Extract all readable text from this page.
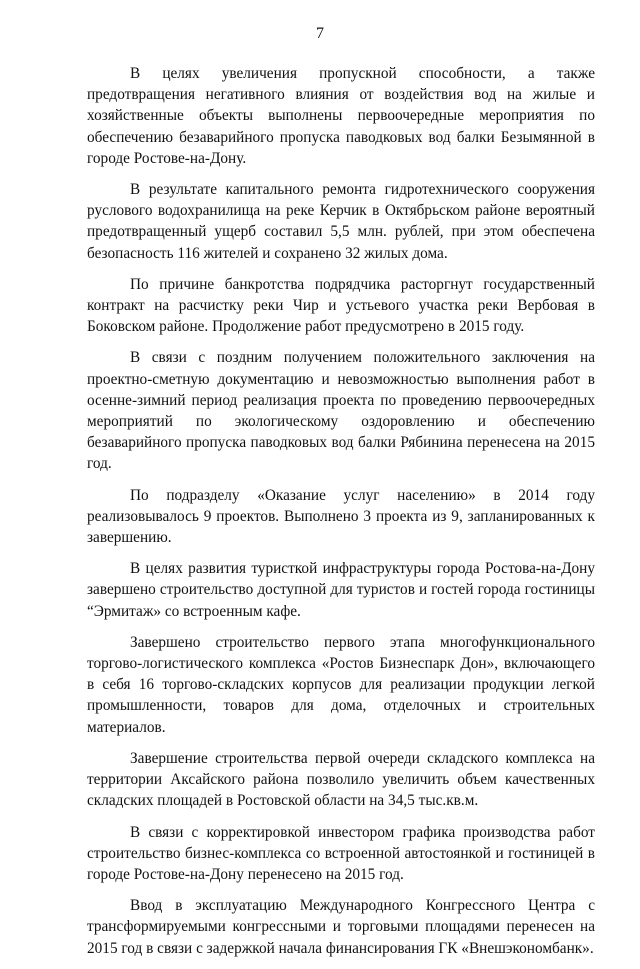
7

В целях увеличения пропускной способности, а также предотвращения негативного влияния от воздействия вод на жилые и хозяйственные объекты выполнены первоочередные мероприятия по обеспечению безаварийного пропуска паводковых вод балки Безымянной в городе Ростове-на-Дону.

В результате капитального ремонта гидротехнического сооружения руслового водохранилища на реке Керчик в Октябрьском районе вероятный предотвращенный ущерб составил 5,5 млн. рублей, при этом обеспечена безопасность 116 жителей и сохранено 32 жилых дома.

По причине банкротства подрядчика расторгнут государственный контракт на расчистку реки Чир и устьевого участка реки Вербовая в Боковском районе. Продолжение работ предусмотрено в 2015 году.

В связи с поздним получением положительного заключения на проектно-сметную документацию и невозможностью выполнения работ в осенне-зимний период реализация проекта по проведению первоочередных мероприятий по экологическому оздоровлению и обеспечению безаварийного пропуска паводковых вод балки Рябинина перенесена на 2015 год.

По подразделу «Оказание услуг населению» в 2014 году реализовывалось 9 проектов. Выполнено 3 проекта из 9, запланированных к завершению.

В целях развития туристкой инфраструктуры города Ростова-на-Дону завершено строительство доступной для туристов и гостей города гостиницы “Эрмитаж» со встроенным кафе.

Завершено строительство первого этапа многофункционального торгово-логистического комплекса «Ростов Бизнеспарк Дон», включающего в себя 16 торгово-складских корпусов для реализации продукции легкой промышленности, товаров для дома, отделочных и строительных материалов.

Завершение строительства первой очереди складского комплекса на территории Аксайского района позволило увеличить объем качественных складских площадей в Ростовской области на 34,5 тыс.кв.м.

В связи с корректировкой инвестором графика производства работ строительство бизнес-комплекса со встроенной автостоянкой и гостиницей в городе Ростове-на-Дону перенесено на 2015 год.

Ввод в эксплуатацию Международного Конгрессного Центра с трансформируемыми конгрессными и торговыми площадями перенесен на 2015 год в связи с задержкой начала финансирования ГК «Внешэкономбанк».
